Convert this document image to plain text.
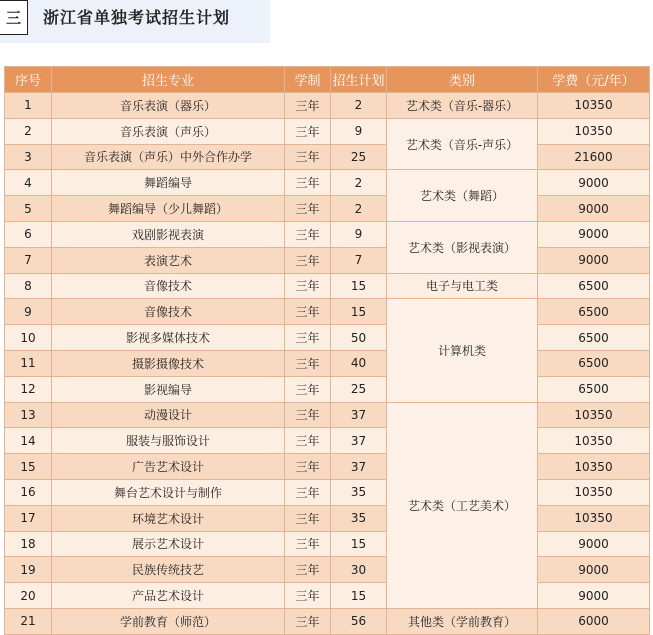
三	浙江省单独考试招生计划
序号	招生专业	学制	招生计划	类别	学费（元/年）
1	音乐表演（器乐）	三年	2	艺术类（音乐-器乐）	10350
2	音乐表演（声乐）	三年	9	艺术类（音乐-声乐）	10350
3	音乐表演（声乐）中外合作办学	三年	25		21600
4	舞蹈编导	三年	2	艺术类（舞蹈）	9000
5	舞蹈编导（少儿舞蹈）	三年	2		9000
6	戏剧影视表演	三年	9	艺术类（影视表演）	9000
7	表演艺术	三年	7		9000
8	音像技术	三年	15	电子与电工类	6500
9	音像技术	三年	15	计算机类	6500
10	影视多媒体技术	三年	50		6500
11	摄影摄像技术	三年	40		6500
12	影视编导	三年	25		6500
13	动漫设计	三年	37	艺术类（工艺美术）	10350
14	服装与服饰设计	三年	37		10350
15	广告艺术设计	三年	37		10350
16	舞台艺术设计与制作	三年	35		10350
17	环境艺术设计	三年	35		10350
18	展示艺术设计	三年	15		9000
19	民族传统技艺	三年	30		9000
20	产品艺术设计	三年	15		9000
21	学前教育（师范）	三年	56	其他类（学前教育）	6000
